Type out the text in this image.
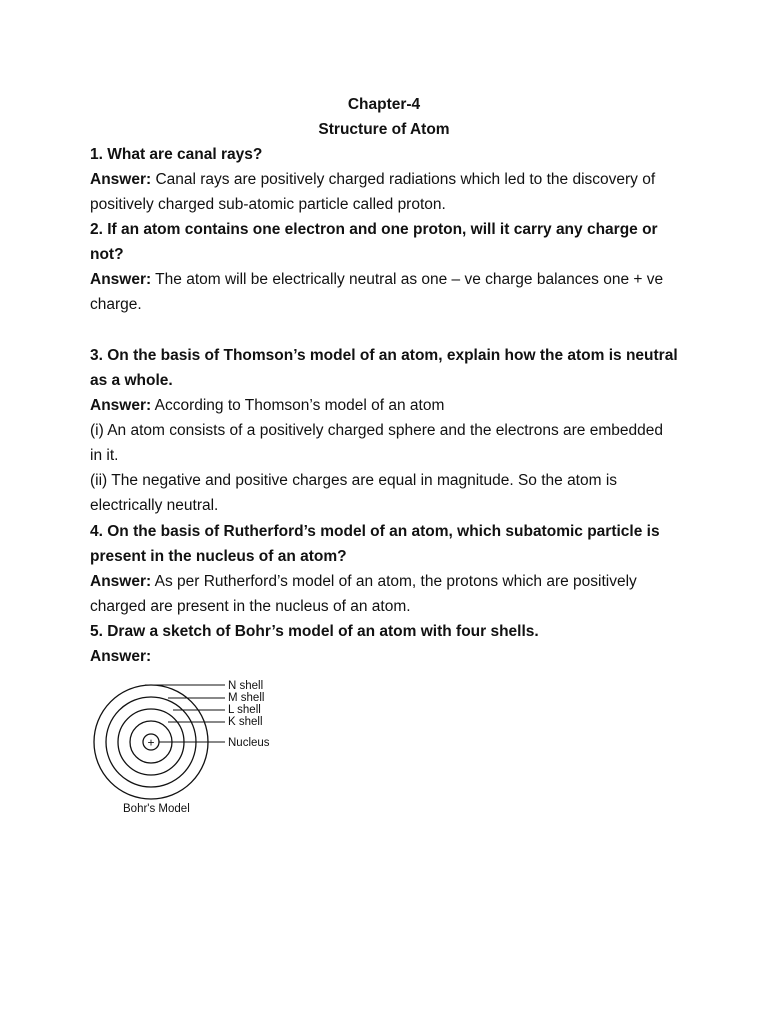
Chapter-4
Structure of Atom
1. What are canal rays?
Answer: Canal rays are positively charged radiations which led to the discovery of
positively charged sub-atomic particle called proton.
2. If an atom contains one electron and one proton, will it carry any charge or
not?
Answer: The atom will be electrically neutral as one – ve charge balances one + ve
charge.
3. On the basis of Thomson’s model of an atom, explain how the atom is neutral
as a whole.
Answer: According to Thomson’s model of an atom
(i) An atom consists of a positively charged sphere and the electrons are embedded
in it.
(ii) The negative and positive charges are equal in magnitude. So the atom is
electrically neutral.
4. On the basis of Rutherford’s model of an atom, which subatomic particle is
present in the nucleus of an atom?
Answer: As per Rutherford’s model of an atom, the protons which are positively
charged are present in the nucleus of an atom.
5. Draw a sketch of Bohr’s model of an atom with four shells.
Answer:
+
N shell
M shell
L shell
K shell
Nucleus
Bohr's Model
